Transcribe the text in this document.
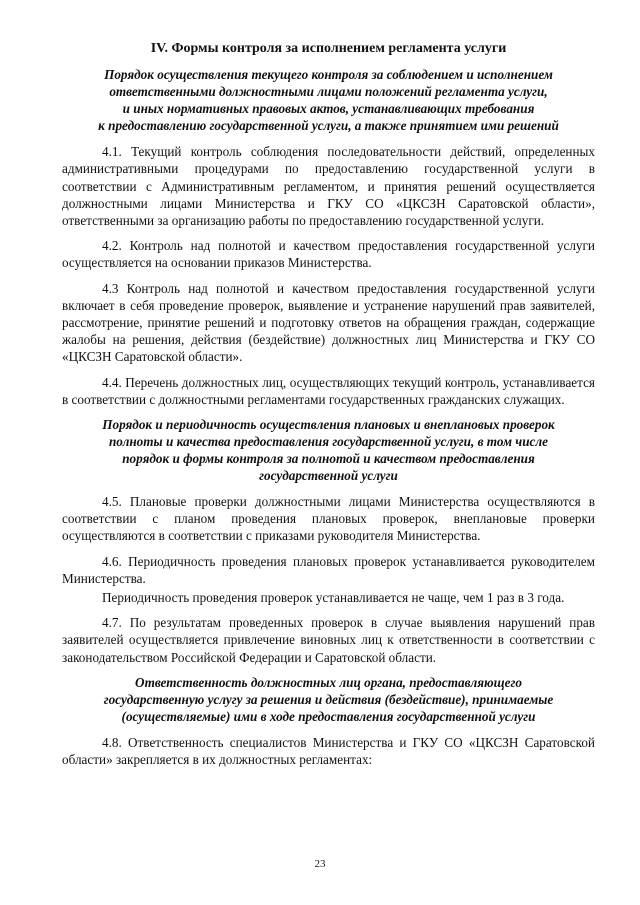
IV. Формы контроля за исполнением регламента услуги
Порядок осуществления текущего контроля за соблюдением и исполнением
ответственными должностными лицами положений регламента услуги,
и иных нормативных правовых актов, устанавливающих требования
к предоставлению государственной услуги, а также принятием ими решений

4.1. Текущий контроль соблюдения последовательности действий, определенных административными процедурами по предоставлению государственной услуги в соответствии с Административным регламентом, и принятия решений осуществляется должностными лицами Министерства и ГКУ СО «ЦКСЗН Саратовской области», ответственными за организацию работы по предоставлению государственной услуги.

4.2. Контроль над полнотой и качеством предоставления государственной услуги осуществляется на основании приказов Министерства.

4.3 Контроль над полнотой и качеством предоставления государственной услуги включает в себя проведение проверок, выявление и устранение нарушений прав заявителей, рассмотрение, принятие решений и подготовку ответов на обращения граждан, содержащие жалобы на решения, действия (бездействие) должностных лиц Министерства и ГКУ СО «ЦКСЗН Саратовской области».

4.4. Перечень должностных лиц, осуществляющих текущий контроль, устанавливается в соответствии с должностными регламентами государственных гражданских служащих.

Порядок и периодичность осуществления плановых и внеплановых проверок
полноты и качества предоставления государственной услуги, в том числе
порядок и формы контроля за полнотой и качеством предоставления
государственной услуги

4.5. Плановые проверки должностными лицами Министерства осуществляются в соответствии с планом проведения плановых проверок, внеплановые проверки осуществляются в соответствии с приказами руководителя Министерства.

4.6. Периодичность проведения плановых проверок устанавливается руководителем Министерства.

Периодичность проведения проверок устанавливается не чаще, чем 1 раз в 3 года.

4.7. По результатам проведенных проверок в случае выявления нарушений прав заявителей осуществляется привлечение виновных лиц к ответственности в соответствии с законодательством Российской Федерации и Саратовской области.

Ответственность должностных лиц органа, предоставляющего
государственную услугу за решения и действия (бездействие), принимаемые
(осуществляемые) ими в ходе предоставления государственной услуги

4.8. Ответственность специалистов Министерства и ГКУ СО «ЦКСЗН Саратовской области» закрепляется в их должностных регламентах:

23
